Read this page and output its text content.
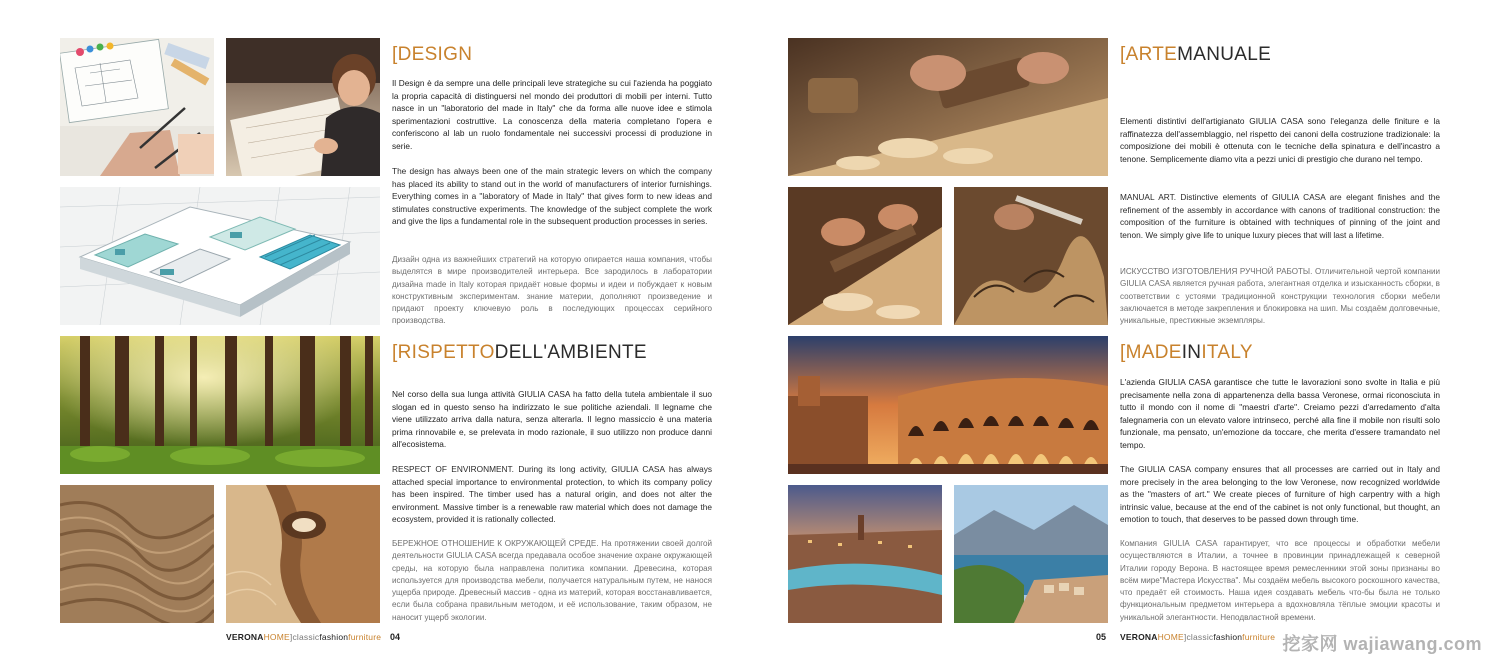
[DESIGN

Il Design è da sempre una delle principali leve strategiche su cui l'azienda ha poggiato la propria capacità di distinguersi nel mondo dei produttori di mobili per interni. Tutto nasce in un "laboratorio del made in Italy" che da forma alle nuove idee e stimola sperimentazioni costruttive. La conoscenza della materia completano l'opera e conferiscono al lab un ruolo fondamentale nei successivi processi di produzione in serie.

The design has always been one of the main strategic levers on which the company has placed its ability to stand out in the world of manufacturers of interior furnishings. Everything comes in a "laboratory of Made in Italy" that gives form to new ideas and stimulates constructive experiments. The knowledge of the subject complete the work and give the lips a fundamental role in the subsequent production processes in series.

Дизайн одна из важнейших стратегий на которую опирается наша компания, чтобы выделятся в мире производителей интерьера. Все зародилось в лаборатории дизайна made in Italy которая придаёт новые формы и идеи и побуждает к новым конструктивным экспериментам. знание материи, дополняют произведение и придают проекту ключевую роль в последующих процессах серийного производства.

[RISPETTODELL'AMBIENTE

Nel corso della sua lunga attività GIULIA CASA ha fatto della tutela ambientale il suo slogan ed in questo senso ha indirizzato le sue politiche aziendali. Il legname che viene utilizzato arriva dalla natura, senza alterarla. Il legno massiccio è una materia prima rinnovabile e, se prelevata in modo razionale, il suo utilizzo non produce danni all'ecosistema.

RESPECT OF ENVIRONMENT. During its long activity, GIULIA CASA has always attached special importance to environmental protection, to which its company policy has been inspired. The timber used has a natural origin, and does not alter the environment. Massive timber is a renewable raw material which does not damage the ecosystem, provided it is rationally collected.

БЕРЕЖНОЕ ОТНОШЕНИЕ К ОКРУЖАЮЩЕЙ СРЕДЕ. На протяжении своей долгой деятельности GIULIA CASA всегда предавала особое значение охране окружающей среды, на которую была направлена политика компании. Древесина, которая используется для производства мебели, получается натуральным путем, не нанося ущерба природе. Древесный массив - одна из материй, которая восстанавливается, если была собрана правильным методом, и её использование, таким образом, не наносит ущерб экологии.

VERONAHOME]classicfashionfurniture 04
[ARTEMANUALE

Elementi distintivi dell'artigianato GIULIA CASA sono l'eleganza delle finiture e la raffinatezza dell'assemblaggio, nel rispetto dei canoni della costruzione tradizionale: la composizione dei mobili è ottenuta con le tecniche della spinatura e dell'incastro a tenone. Semplicemente diamo vita a pezzi unici di prestigio che durano nel tempo.

MANUAL ART. Distinctive elements of GIULIA CASA are elegant finishes and the refinement of the assembly in accordance with canons of traditional construction: the composition of the furniture is obtained with techniques of pinning of the joint and tenon. We simply give life to unique luxury pieces that will last a lifetime.

ИСКУССТВО ИЗГОТОВЛЕНИЯ РУЧНОЙ РАБОТЫ. Отличительной чертой компании GIULIA CASA является ручная работа, элегантная отделка и изысканность сборки, в соответствии с устоями традиционной конструкции технология сборки мебели заключается в методе закрепления и блокировка на шип. Мы создаём долговечные, уникальные, престижные экземпляры.

[MADEINITALY

L'azienda GIULIA CASA garantisce che tutte le lavorazioni sono svolte in Italia e più precisamente nella zona di appartenenza della bassa Veronese, ormai riconosciuta in tutto il mondo con il nome di "maestri d'arte". Creiamo pezzi d'arredamento d'alta falegnameria con un elevato valore intrinseco, perché alla fine il mobile non risulti solo funzionale, ma pensato, un'emozione da toccare, che merita d'essere tramandato nel tempo.

The GIULIA CASA company ensures that all processes are carried out in Italy and more precisely in the area belonging to the low Veronese, now recognized worldwide as the "masters of art." We create pieces of furniture of high carpentry with a high intrinsic value, because at the end of the cabinet is not only functional, but thought, an emotion to touch, that deserves to be passed down through time.

Компания GIULIA CASA гарантирует, что все процессы и обработки мебели осуществляются в Италии, а точнее в провинции принадлежащей к северной Италии городу Верона. В настоящее время ремесленники этой зоны признаны во всём мире"Мастера Искусства". Мы создаём мебель высокого роскошного качества, что предаёт ей стоимость. Наша идея создавать мебель что-бы была не только функциональным предметом интерьера а вдохновляла тёплые эмоции красоты и уникальной элегантности. Неподвластной времени.

05 VERONAHOME]classicfashionfurniture 挖家网 wajiawang.com
